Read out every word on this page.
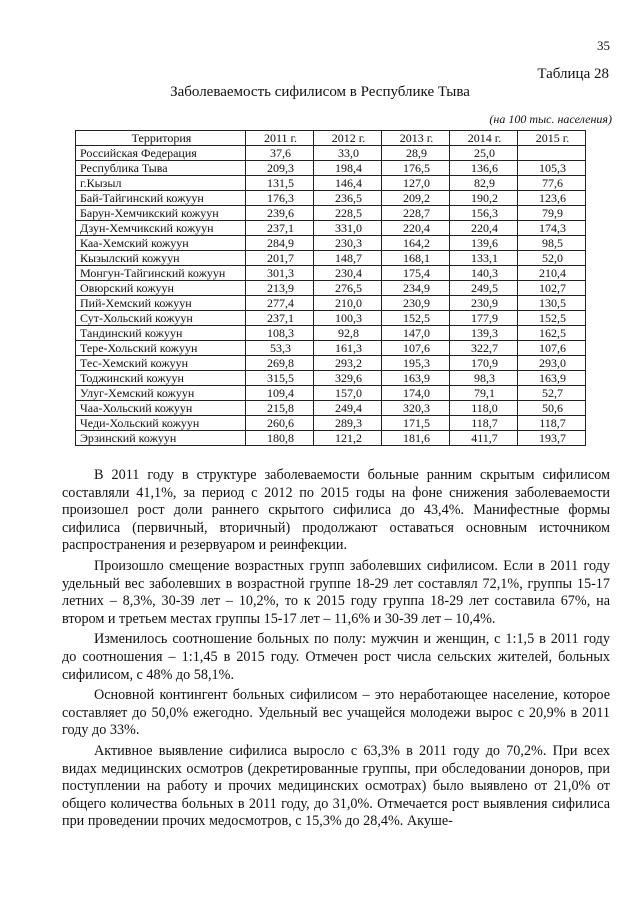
35
Таблица 28
Заболеваемость сифилисом в Республике Тыва
(на 100 тыс. населения)
Территория	2011 г.	2012 г.	2013 г.	2014 г.	2015 г.
Российская Федерация	37,6	33,0	28,9	25,0	
Республика Тыва	209,3	198,4	176,5	136,6	105,3
г.Кызыл	131,5	146,4	127,0	82,9	77,6
Бай-Тайгинский кожуун	176,3	236,5	209,2	190,2	123,6
Барун-Хемчикский кожуун	239,6	228,5	228,7	156,3	79,9
Дзун-Хемчикский кожуун	237,1	331,0	220,4	220,4	174,3
Каа-Хемский кожуун	284,9	230,3	164,2	139,6	98,5
Кызылский кожуун	201,7	148,7	168,1	133,1	52,0
Монгун-Тайгинский кожуун	301,3	230,4	175,4	140,3	210,4
Овюрский кожуун	213,9	276,5	234,9	249,5	102,7
Пий-Хемский кожуун	277,4	210,0	230,9	230,9	130,5
Сут-Хольский кожуун	237,1	100,3	152,5	177,9	152,5
Тандинский кожуун	108,3	92,8	147,0	139,3	162,5
Тере-Хольский кожуун	53,3	161,3	107,6	322,7	107,6
Тес-Хемский кожуун	269,8	293,2	195,3	170,9	293,0
Тоджинский кожуун	315,5	329,6	163,9	98,3	163,9
Улуг-Хемский кожуун	109,4	157,0	174,0	79,1	52,7
Чаа-Хольский кожуун	215,8	249,4	320,3	118,0	50,6
Чеди-Хольский кожуун	260,6	289,3	171,5	118,7	118,7
Эрзинский кожуун	180,8	121,2	181,6	411,7	193,7

В 2011 году в структуре заболеваемости больные ранним скрытым сифилисом составляли 41,1%, за период с 2012 по 2015 годы на фоне снижения заболеваемости произошел рост доли раннего скрытого сифилиса до 43,4%. Манифестные формы сифилиса (первичный, вторичный) продолжают оставаться основным источником распространения и резервуаром и реинфекции.

Произошло смещение возрастных групп заболевших сифилисом. Если в 2011 году удельный вес заболевших в возрастной группе 18-29 лет составлял 72,1%, группы 15-17 летних – 8,3%, 30-39 лет – 10,2%, то к 2015 году группа 18-29 лет составила 67%, на втором и третьем местах группы 15-17 лет – 11,6% и 30-39 лет – 10,4%.

Изменилось соотношение больных по полу: мужчин и женщин, с 1:1,5 в 2011 году до соотношения – 1:1,45 в 2015 году. Отмечен рост числа сельских жителей, больных сифилисом, с 48% до 58,1%.

Основной контингент больных сифилисом – это неработающее население, которое составляет до 50,0% ежегодно. Удельный вес учащейся молодежи вырос с 20,9% в 2011 году до 33%.

Активное выявление сифилиса выросло с 63,3% в 2011 году до 70,2%. При всех видах медицинских осмотров (декретированные группы, при обследовании доноров, при поступлении на работу и прочих медицинских осмотрах) было выявлено от 21,0% от общего количества больных в 2011 году, до 31,0%. Отмечается рост выявления сифилиса при проведении прочих медосмотров, с 15,3% до 28,4%. Акуше-
